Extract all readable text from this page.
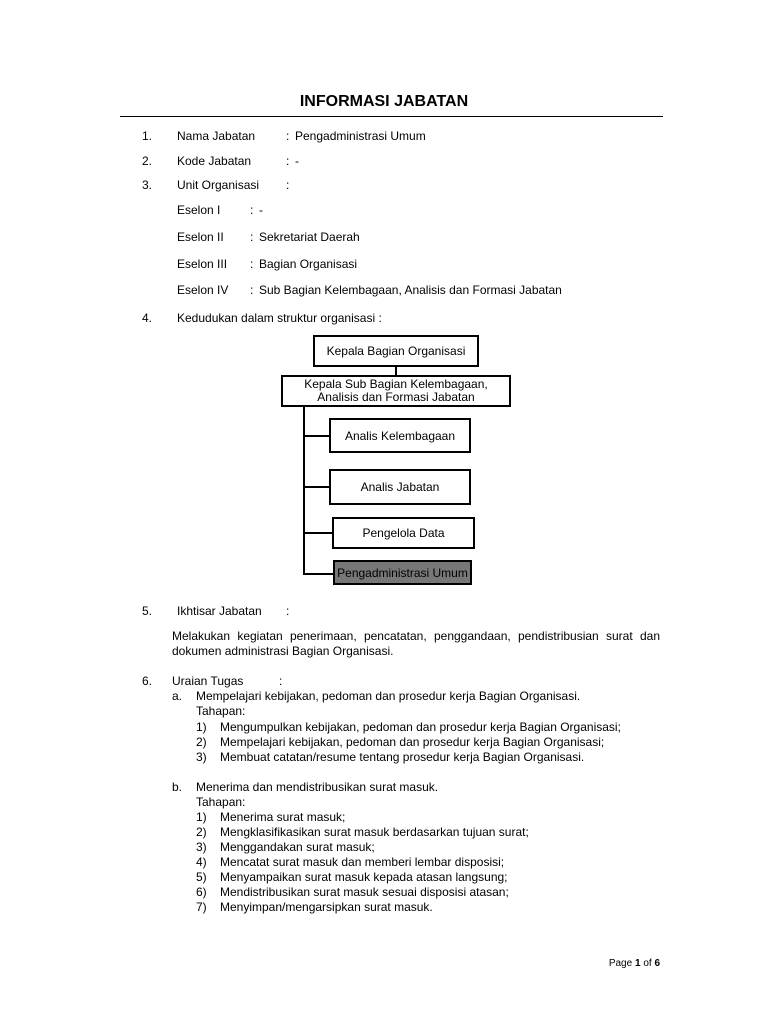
INFORMASI JABATAN
1. Nama Jabatan	: Pengadministrasi Umum
2. Kode Jabatan	: -
3. Unit Organisasi :
Eselon I : -
Eselon II : Sekretariat Daerah
Eselon III : Bagian Organisasi
Eselon IV : Sub Bagian Kelembagaan, Analisis dan Formasi Jabatan
4. Kedudukan dalam struktur organisasi :
Kepala Bagian Organisasi
Kepala Sub Bagian Kelembagaan,
Analisis dan Formasi Jabatan
Analis Kelembagaan
Analis Jabatan
Pengelola Data
Pengadministrasi Umum
5. Ikhtisar Jabatan :
Melakukan kegiatan penerimaan, pencatatan, penggandaan, pendistribusian surat dan dokumen administrasi Bagian Organisasi.
6. Uraian Tugas	:
a. Mempelajari kebijakan, pedoman dan prosedur kerja Bagian Organisasi.
Tahapan:
1) Mengumpulkan kebijakan, pedoman dan prosedur kerja Bagian Organisasi;
2) Mempelajari kebijakan, pedoman dan prosedur kerja Bagian Organisasi;
3) Membuat catatan/resume tentang prosedur kerja Bagian Organisasi.
b. Menerima dan mendistribusikan surat masuk.
Tahapan:
1) Menerima surat masuk;
2) Mengklasifikasikan surat masuk berdasarkan tujuan surat;
3) Menggandakan surat masuk;
4) Mencatat surat masuk dan memberi lembar disposisi;
5) Menyampaikan surat masuk kepada atasan langsung;
6) Mendistribusikan surat masuk sesuai disposisi atasan;
7) Menyimpan/mengarsipkan surat masuk.
Page 1 of 6
